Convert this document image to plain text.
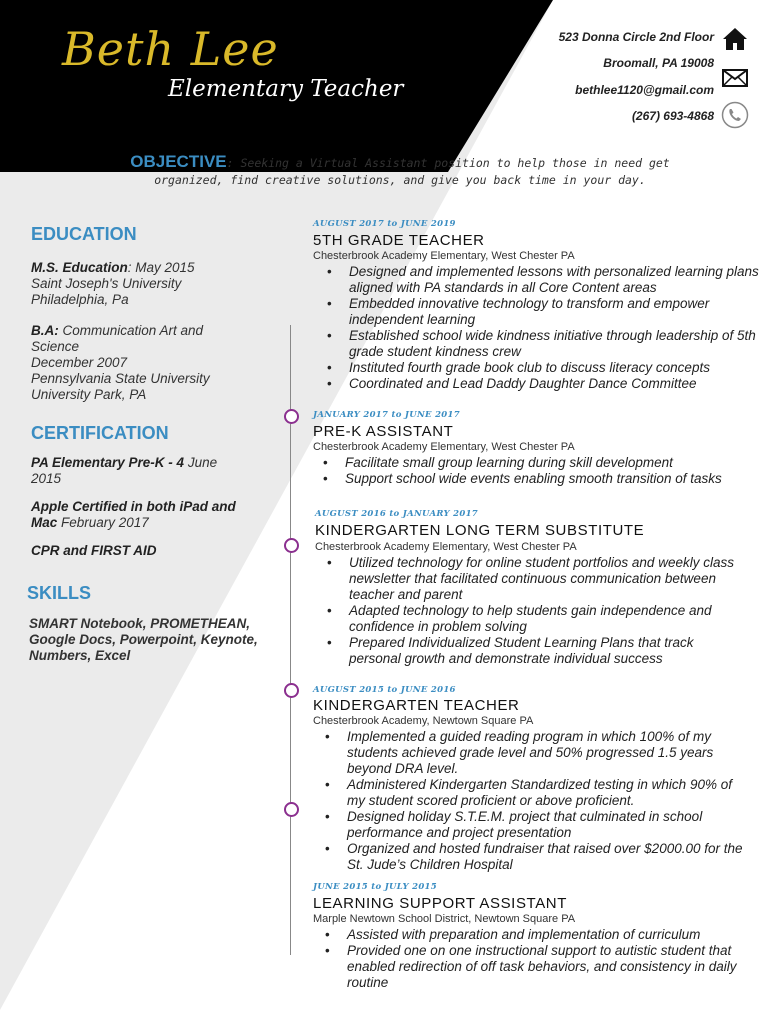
Beth Lee
Elementary Teacher
523 Donna Circle 2nd Floor
Broomall, PA 19008
bethlee1120@gmail.com
(267) 693-4868
OBJECTIVE: Seeking a Virtual Assistant position to help those in need get organized, find creative solutions, and give you back time in your day.
EDUCATION
M.S. Education: May 2015
Saint Joseph's University
Philadelphia, Pa
B.A: Communication Art and Science
December 2007
Pennsylvania State University
University Park, PA
CERTIFICATION
PA Elementary Pre-K - 4 June 2015
Apple Certified in both iPad and Mac February 2017
CPR and FIRST AID
SKILLS
SMART Notebook, PROMETHEAN, Google Docs, Powerpoint, Keynote, Numbers, Excel
AUGUST 2017 to JUNE 2019
5TH GRADE TEACHER
Chesterbrook Academy Elementary, West Chester PA
• Designed and implemented lessons with personalized learning plans aligned with PA standards in all Core Content areas
• Embedded innovative technology to transform and empower independent learning
• Established school wide kindness initiative through leadership of 5th grade student kindness crew
• Instituted fourth grade book club to discuss literacy concepts
• Coordinated and Lead Daddy Daughter Dance Committee
JANUARY 2017 to JUNE 2017
PRE-K ASSISTANT
Chesterbrook Academy Elementary, West Chester PA
• Facilitate small group learning during skill development
• Support school wide events enabling smooth transition of tasks
AUGUST 2016 to JANUARY 2017
KINDERGARTEN LONG TERM SUBSTITUTE
Chesterbrook Academy Elementary, West Chester PA
• Utilized technology for online student portfolios and weekly class newsletter that facilitated continuous communication between teacher and parent
• Adapted technology to help students gain independence and confidence in problem solving
• Prepared Individualized Student Learning Plans that track personal growth and demonstrate individual success
AUGUST 2015 to JUNE 2016
KINDERGARTEN TEACHER
Chesterbrook Academy, Newtown Square PA
• Implemented a guided reading program in which 100% of my students achieved grade level and 50% progressed 1.5 years beyond DRA level.
• Administered Kindergarten Standardized testing in which 90% of my student scored proficient or above proficient.
• Designed holiday S.T.E.M. project that culminated in school performance and project presentation
• Organized and hosted fundraiser that raised over $2000.00 for the St. Jude’s Children Hospital
JUNE 2015 to JULY 2015
LEARNING SUPPORT ASSISTANT
Marple Newtown School District, Newtown Square PA
• Assisted with preparation and implementation of curriculum
• Provided one on one instructional support to autistic student that enabled redirection of off task behaviors, and consistency in daily routine
